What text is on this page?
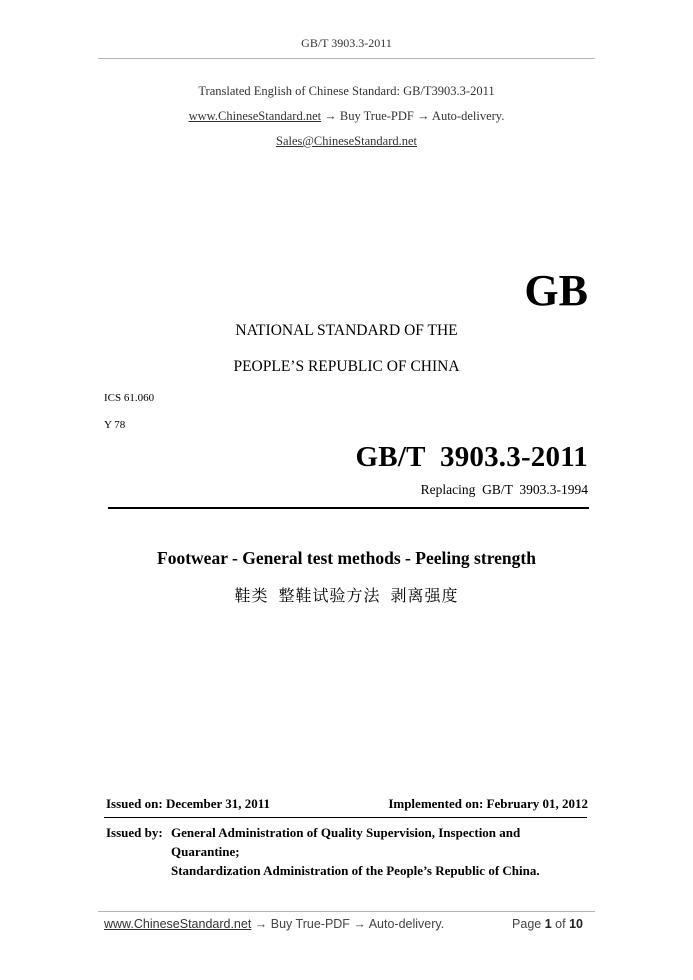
GB/T 3903.3-2011
Translated English of Chinese Standard: GB/T3903.3-2011
www.ChineseStandard.net → Buy True-PDF → Auto-delivery.
Sales@ChineseStandard.net
GB
NATIONAL STANDARD OF THE
PEOPLE’S REPUBLIC OF CHINA
ICS 61.060
Y 78
GB/T  3903.3-2011
Replacing  GB/T  3903.3-1994
Footwear - General test methods - Peeling strength
鞋类  整鞋试验方法  剥离强度
Issued on: December 31, 2011	Implemented on: February 01, 2012
Issued by: General Administration of Quality Supervision, Inspection and
Quarantine;
Standardization Administration of the People’s Republic of China.
www.ChineseStandard.net → Buy True-PDF → Auto-delivery.	Page 1 of 10
